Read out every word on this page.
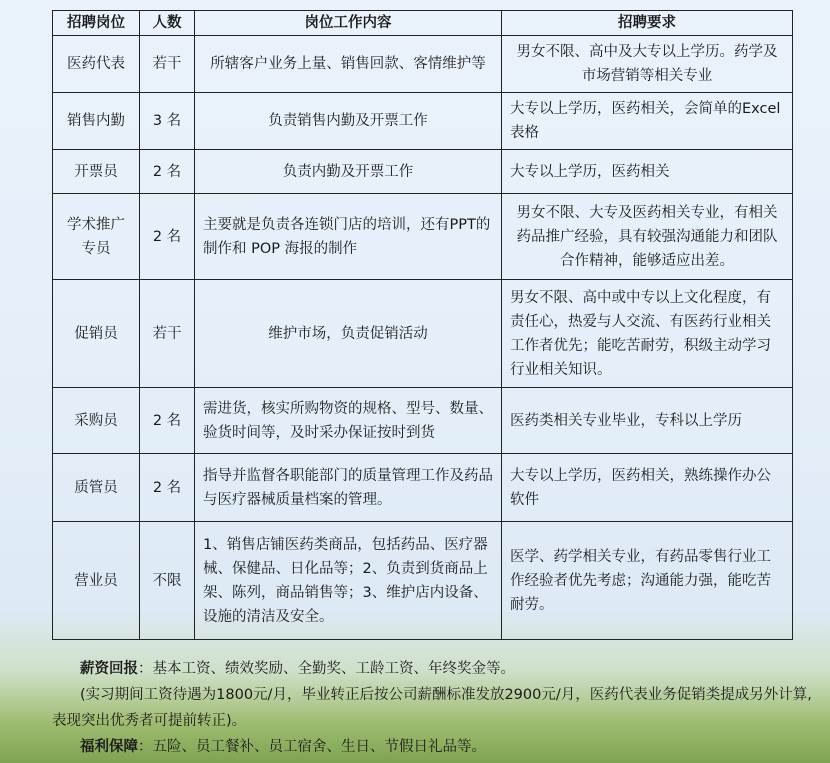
招聘岗位	人数	岗位工作内容	招聘要求
医药代表	若干	所辖客户业务上量、销售回款、客情维护等	男女不限、高中及大专以上学历。药学及市场营销等相关专业
销售内勤	3 名	负责销售内勤及开票工作	大专以上学历，医药相关，会简单的Excel 表格
开票员	2 名	负责内勤及开票工作	大专以上学历，医药相关
学术推广专员	2 名	主要就是负责各连锁门店的培训，还有PPT的制作和 POP 海报的制作	男女不限、大专及医药相关专业，有相关药品推广经验，具有较强沟通能力和团队合作精神，能够适应出差。
促销员	若干	维护市场，负责促销活动	男女不限、高中或中专以上文化程度，有责任心，热爱与人交流、有医药行业相关工作者优先；能吃苦耐劳，积级主动学习行业相关知识。
采购员	2 名	需进货，核实所购物资的规格、型号、数量、验货时间等，及时采办保证按时到货	医药类相关专业毕业，专科以上学历
质管员	2 名	指导并监督各职能部门的质量管理工作及药品与医疗器械质量档案的管理。	大专以上学历，医药相关，熟练操作办公软件
营业员	不限	1、销售店铺医药类商品，包括药品、医疗器械、保健品、日化品等；2、负责到货商品上架、陈列，商品销售等；3、维护店内设备、设施的清洁及安全。	医学、药学相关专业，有药品零售行业工作经验者优先考虑；沟通能力强，能吃苦耐劳。
薪资回报：基本工资、绩效奖励、全勤奖、工龄工资、年终奖金等。
(实习期间工资待遇为1800元/月，毕业转正后按公司薪酬标准发放2900元/月，医药代表业务促销类提成另外计算,表现突出优秀者可提前转正)。
福利保障：五险、员工餐补、员工宿舍、生日、节假日礼品等。
